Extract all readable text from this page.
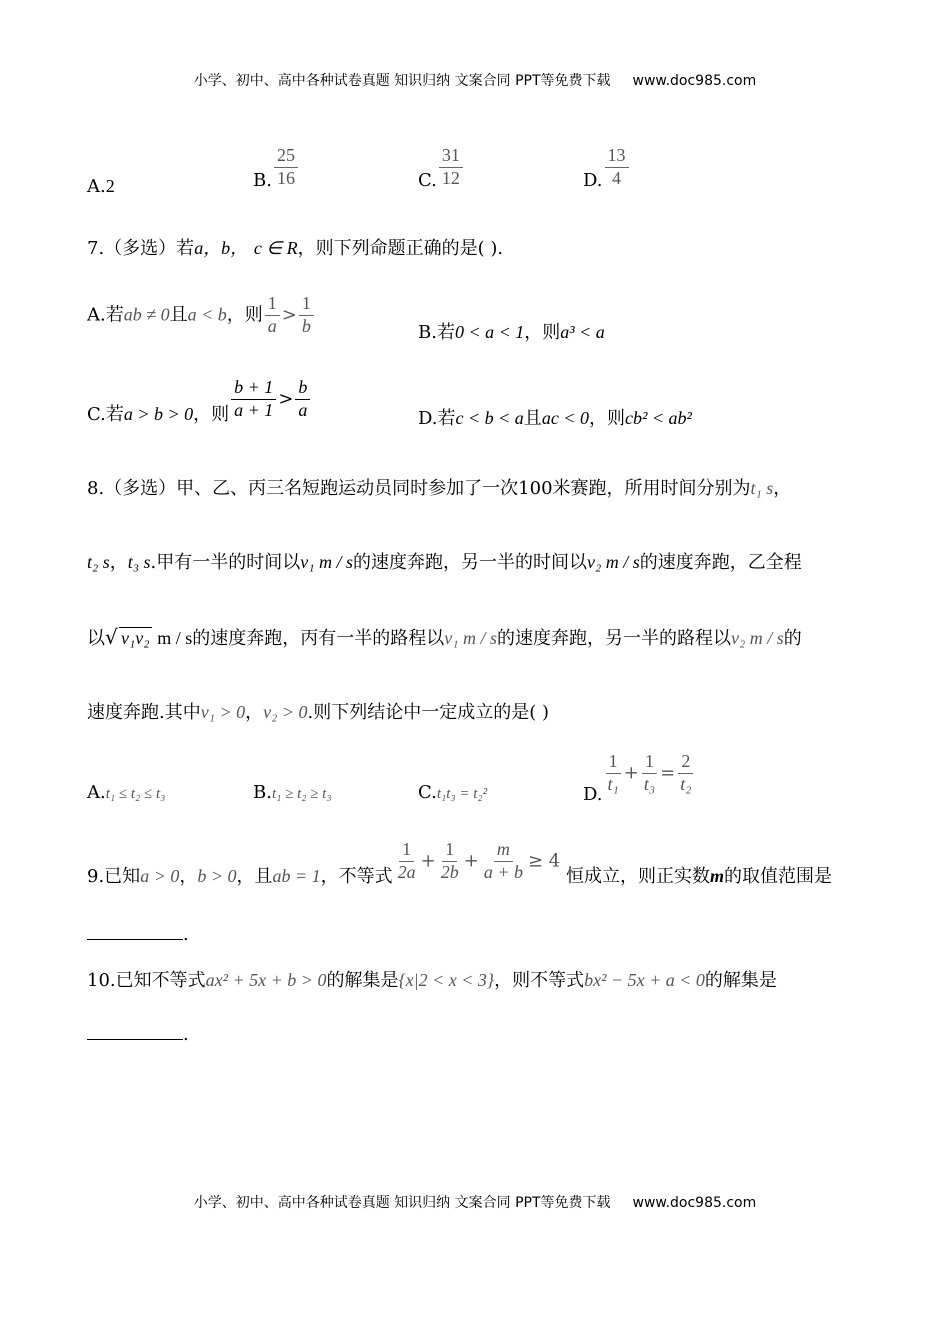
小学、初中、高中各种试卷真题 知识归纳 文案合同 PPT等免费下载 www.doc985.com
A.2	B. $\frac{25}{16}$	C. $\frac{31}{12}$	D. $\frac{13}{4}$
7.（多选）若a，b， c ∈ R，则下列命题正确的是( ).
A.若ab ≠ 0且a < b，则 $\frac{1}{a} > \frac{1}{b}$	B.若0 < a < 1，则a³ < a
C.若a > b > 0，则 $\frac{b + 1}{a + 1} > \frac{b}{a}$	D.若c < b < a且ac < 0，则cb² < ab²
8.（多选）甲、乙、丙三名短跑运动员同时参加了一次100米赛跑，所用时间分别为t₁ s，
t₂ s，t₃ s.甲有一半的时间以v₁ m / s的速度奔跑，另一半的时间以v₂ m / s的速度奔跑，乙全程
以√ v₁v₂ m / s的速度奔跑，丙有一半的路程以v₁ m / s的速度奔跑，另一半的路程以v₂ m / s的
速度奔跑.其中v₁ > 0，v₂ > 0.则下列结论中一定成立的是( )
A.t₁ ≤ t₂ ≤ t₃	B.t₁ ≥ t₂ ≥ t₃	C.t₁t₃ = t₂²	D.
$\frac{1}{\text{t₁}} + \frac{1}{\text{t₃}} = \frac{2}{\text{t₂}}$
9.已知a > 0，b > 0，且ab = 1，不等式 $\frac{1}{2a} + \frac{1}{2b} + \frac{m}{a + b} \ge 4$ 恒成立，则正实数m的取值范围是
.
10.已知不等式ax² + 5x + b > 0的解集是{x|2 < x < 3}，则不等式bx² − 5x + a < 0的解集是
.
小学、初中、高中各种试卷真题 知识归纳 文案合同 PPT等免费下载 www.doc985.com
